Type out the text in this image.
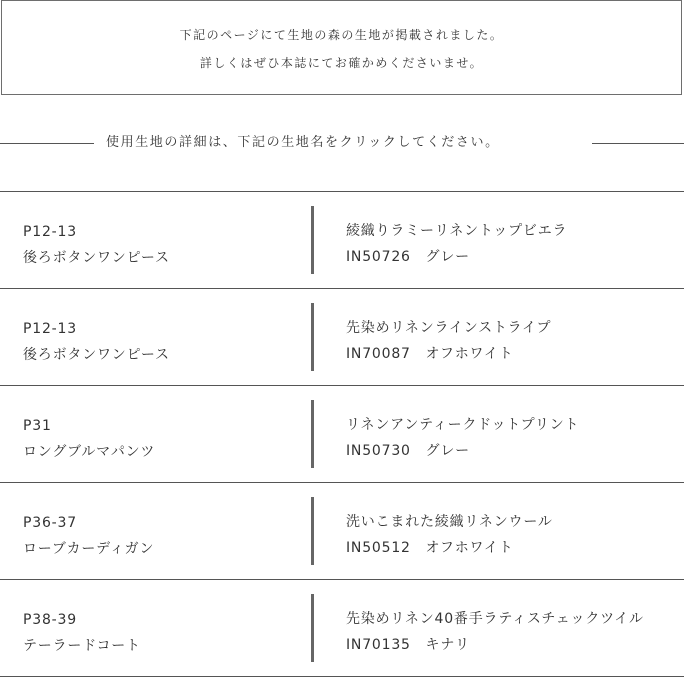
下記のページにて生地の森の生地が掲載されました。
詳しくはぜひ本誌にてお確かめくださいませ。
使用生地の詳細は、下記の生地名をクリックしてください。
P12-13
後ろボタンワンピース
綾織りラミーリネントップビエラ
IN50726　グレー
P12-13
後ろボタンワンピース
先染めリネンラインストライプ
IN70087　オフホワイト
P31
ロングブルマパンツ
リネンアンティークドットプリント
IN50730　グレー
P36-37
ローブカーディガン
洗いこまれた綾織リネンウール
IN50512　オフホワイト
P38-39
テーラードコート
先染めリネン40番手ラティスチェックツイル
IN70135　キナリ
